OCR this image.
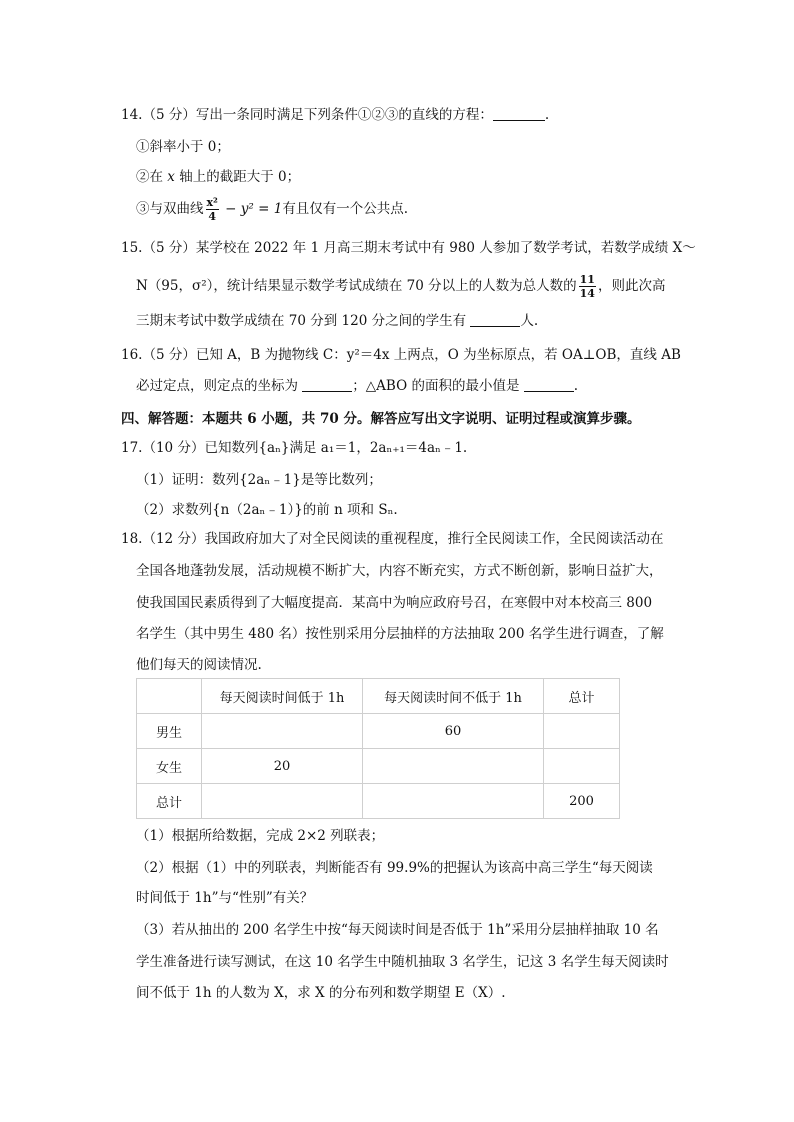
14.（5 分）写出一条同时满足下列条件①②③的直线的方程：	.
①斜率小于 0；
②在 x 轴上的截距大于 0；
③与双曲线 $\frac{\text{x²}}{4} - y^2 = 1$有且仅有一个公共点.
15.（5 分）某学校在 2022 年 1 月高三期末考试中有 980 人参加了数学考试，若数学成绩 X～
N（95，σ²），统计结果显示数学考试成绩在 70 分以上的人数为总人数的 $\frac{11}{14}$ ，则此次高
三期末考试中数学成绩在 70 分到 120 分之间的学生有	人.
16.（5 分）已知 A，B 为抛物线 C：y²＝4x 上两点，O 为坐标原点，若 OA⊥OB，直线 AB
必过定点，则定点的坐标为	；△ABO 的面积的最小值是	.
四、解答题：本题共 6 小题，共 70 分。解答应写出文字说明、证明过程或演算步骤。
17.（10 分）已知数列{aₙ}满足 a₁＝1，2aₙ₊₁＝4aₙ﹣1.
（1）证明：数列{2aₙ﹣1}是等比数列；
（2）求数列{n（2aₙ﹣1）}的前 n 项和 Sₙ.
18.（12 分）我国政府加大了对全民阅读的重视程度，推行全民阅读工作，全民阅读活动在
全国各地蓬勃发展，活动规模不断扩大，内容不断充实，方式不断创新，影响日益扩大，
使我国国民素质得到了大幅度提高．某高中为响应政府号召，在寒假中对本校高三 800
名学生（其中男生 480 名）按性别采用分层抽样的方法抽取 200 名学生进行调查，了解
他们每天的阅读情况.
	每天阅读时间低于 1h	每天阅读时间不低于 1h	总计
男生		60	
女生	20		
总计			200
（1）根据所给数据，完成 2×2 列联表；
（2）根据（1）中的列联表，判断能否有 99.9%的把握认为该高中高三学生“每天阅读
时间低于 1h”与“性别”有关？
（3）若从抽出的 200 名学生中按“每天阅读时间是否低于 1h”采用分层抽样抽取 10 名
学生准备进行读写测试，在这 10 名学生中随机抽取 3 名学生，记这 3 名学生每天阅读时
间不低于 1h 的人数为 X，求 X 的分布列和数学期望 E（X）.
